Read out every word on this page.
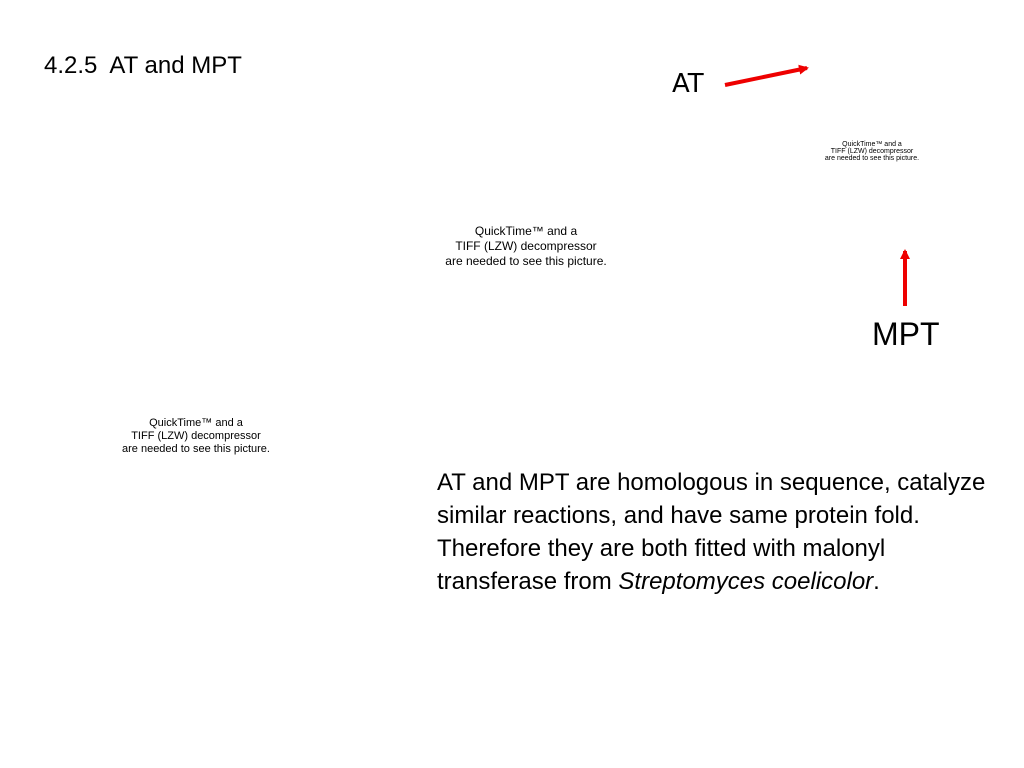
4.2.5  AT and MPT
AT
QuickTime™ and a
TIFF (LZW) decompressor
are needed to see this picture.
QuickTime™ and a
TIFF (LZW) decompressor
are needed to see this picture.
MPT
QuickTime™ and a
TIFF (LZW) decompressor
are needed to see this picture.
AT and MPT are homologous in sequence, catalyze similar reactions, and have same protein fold. Therefore they are both fitted with malonyl transferase from Streptomyces coelicolor.
